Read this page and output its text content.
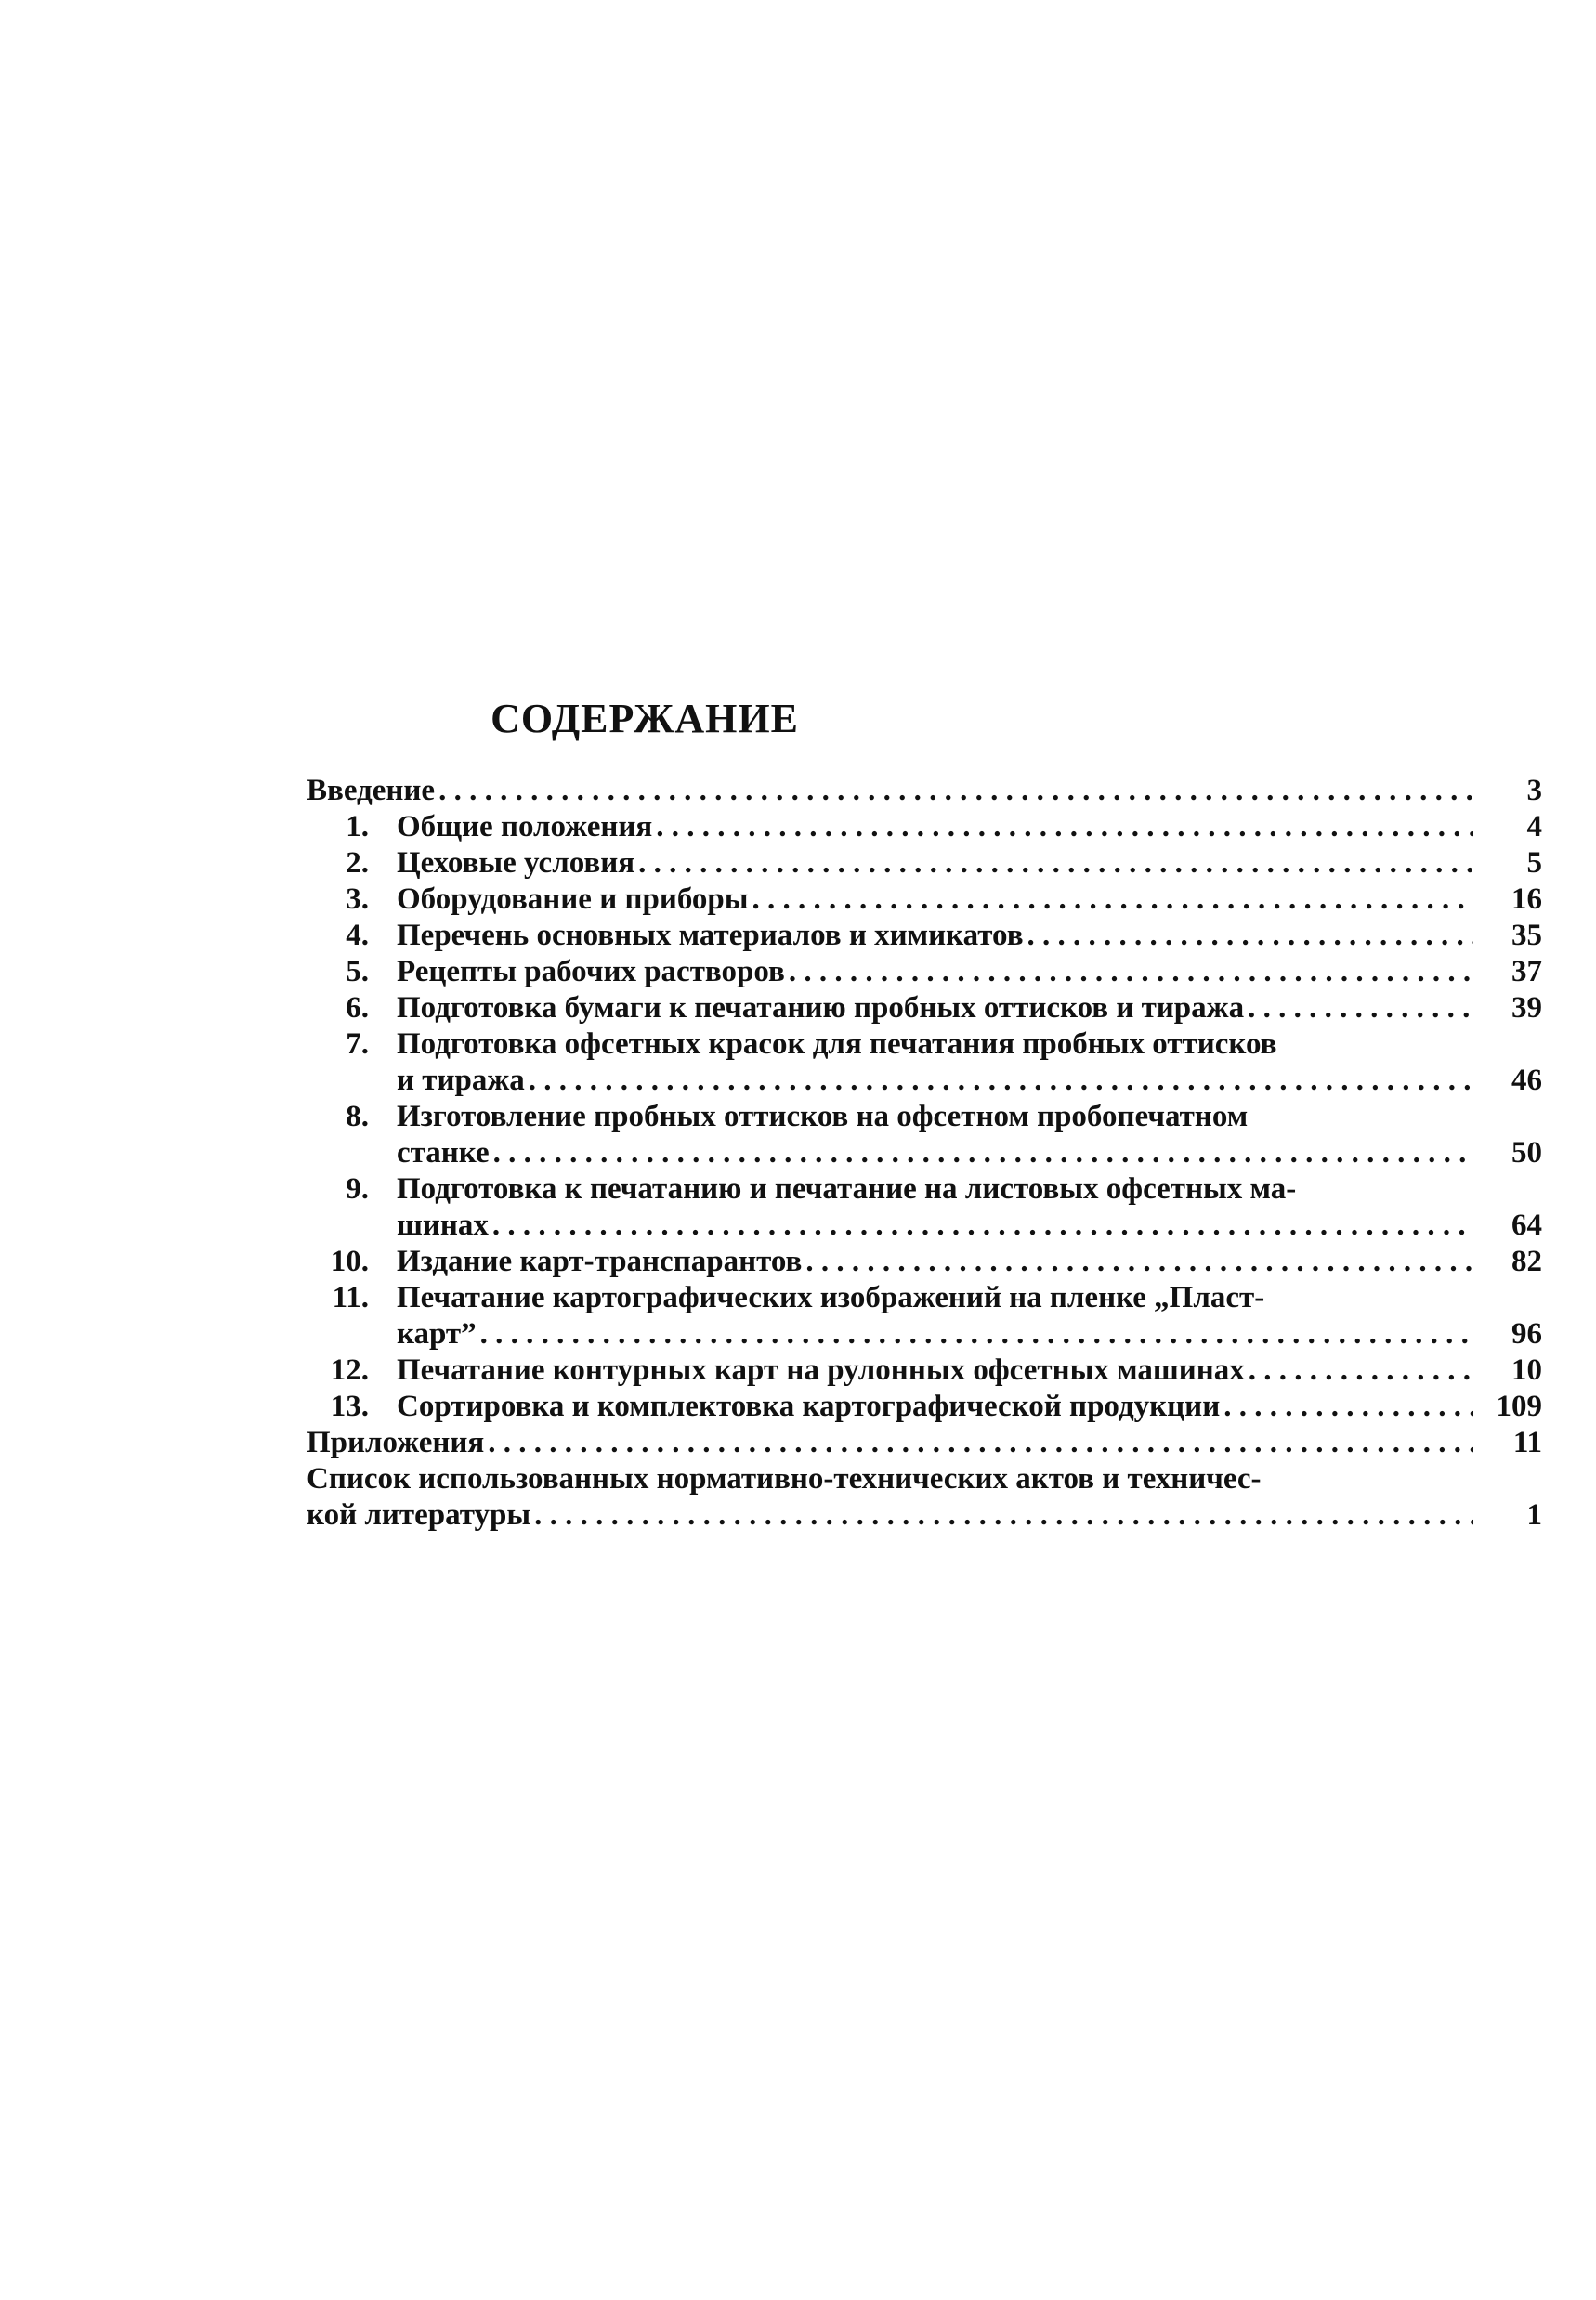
СОДЕРЖАНИЕ
Введение . . .	3
1. Общие положения . . .	4
2. Цеховые условия . . .	5
3. Оборудование и приборы . . .	16
4. Перечень основных материалов и химикатов . . .	35
5. Рецепты рабочих растворов . . .	37
6. Подготовка бумаги к печатанию пробных оттисков и тиража . . .	39
7. Подготовка офсетных красок для печатания пробных оттисков
и тиража . . .	46
8. Изготовление пробных оттисков на офсетном пробопечатном
станке . . .	50
9. Подготовка к печатанию и печатание на листовых офсетных ма-
шинах . . .	64
10. Издание карт-транспарантов . . .	82
11. Печатание картографических изображений на пленке „Пласт-
карт” . . .	96
12. Печатание контурных карт на рулонных офсетных машинах . . .	10
13. Сортировка и комплектовка картографической продукции . . .	109
Приложения . . .	11
Список использованных нормативно-технических актов и техничес-
кой литературы . . .	1
